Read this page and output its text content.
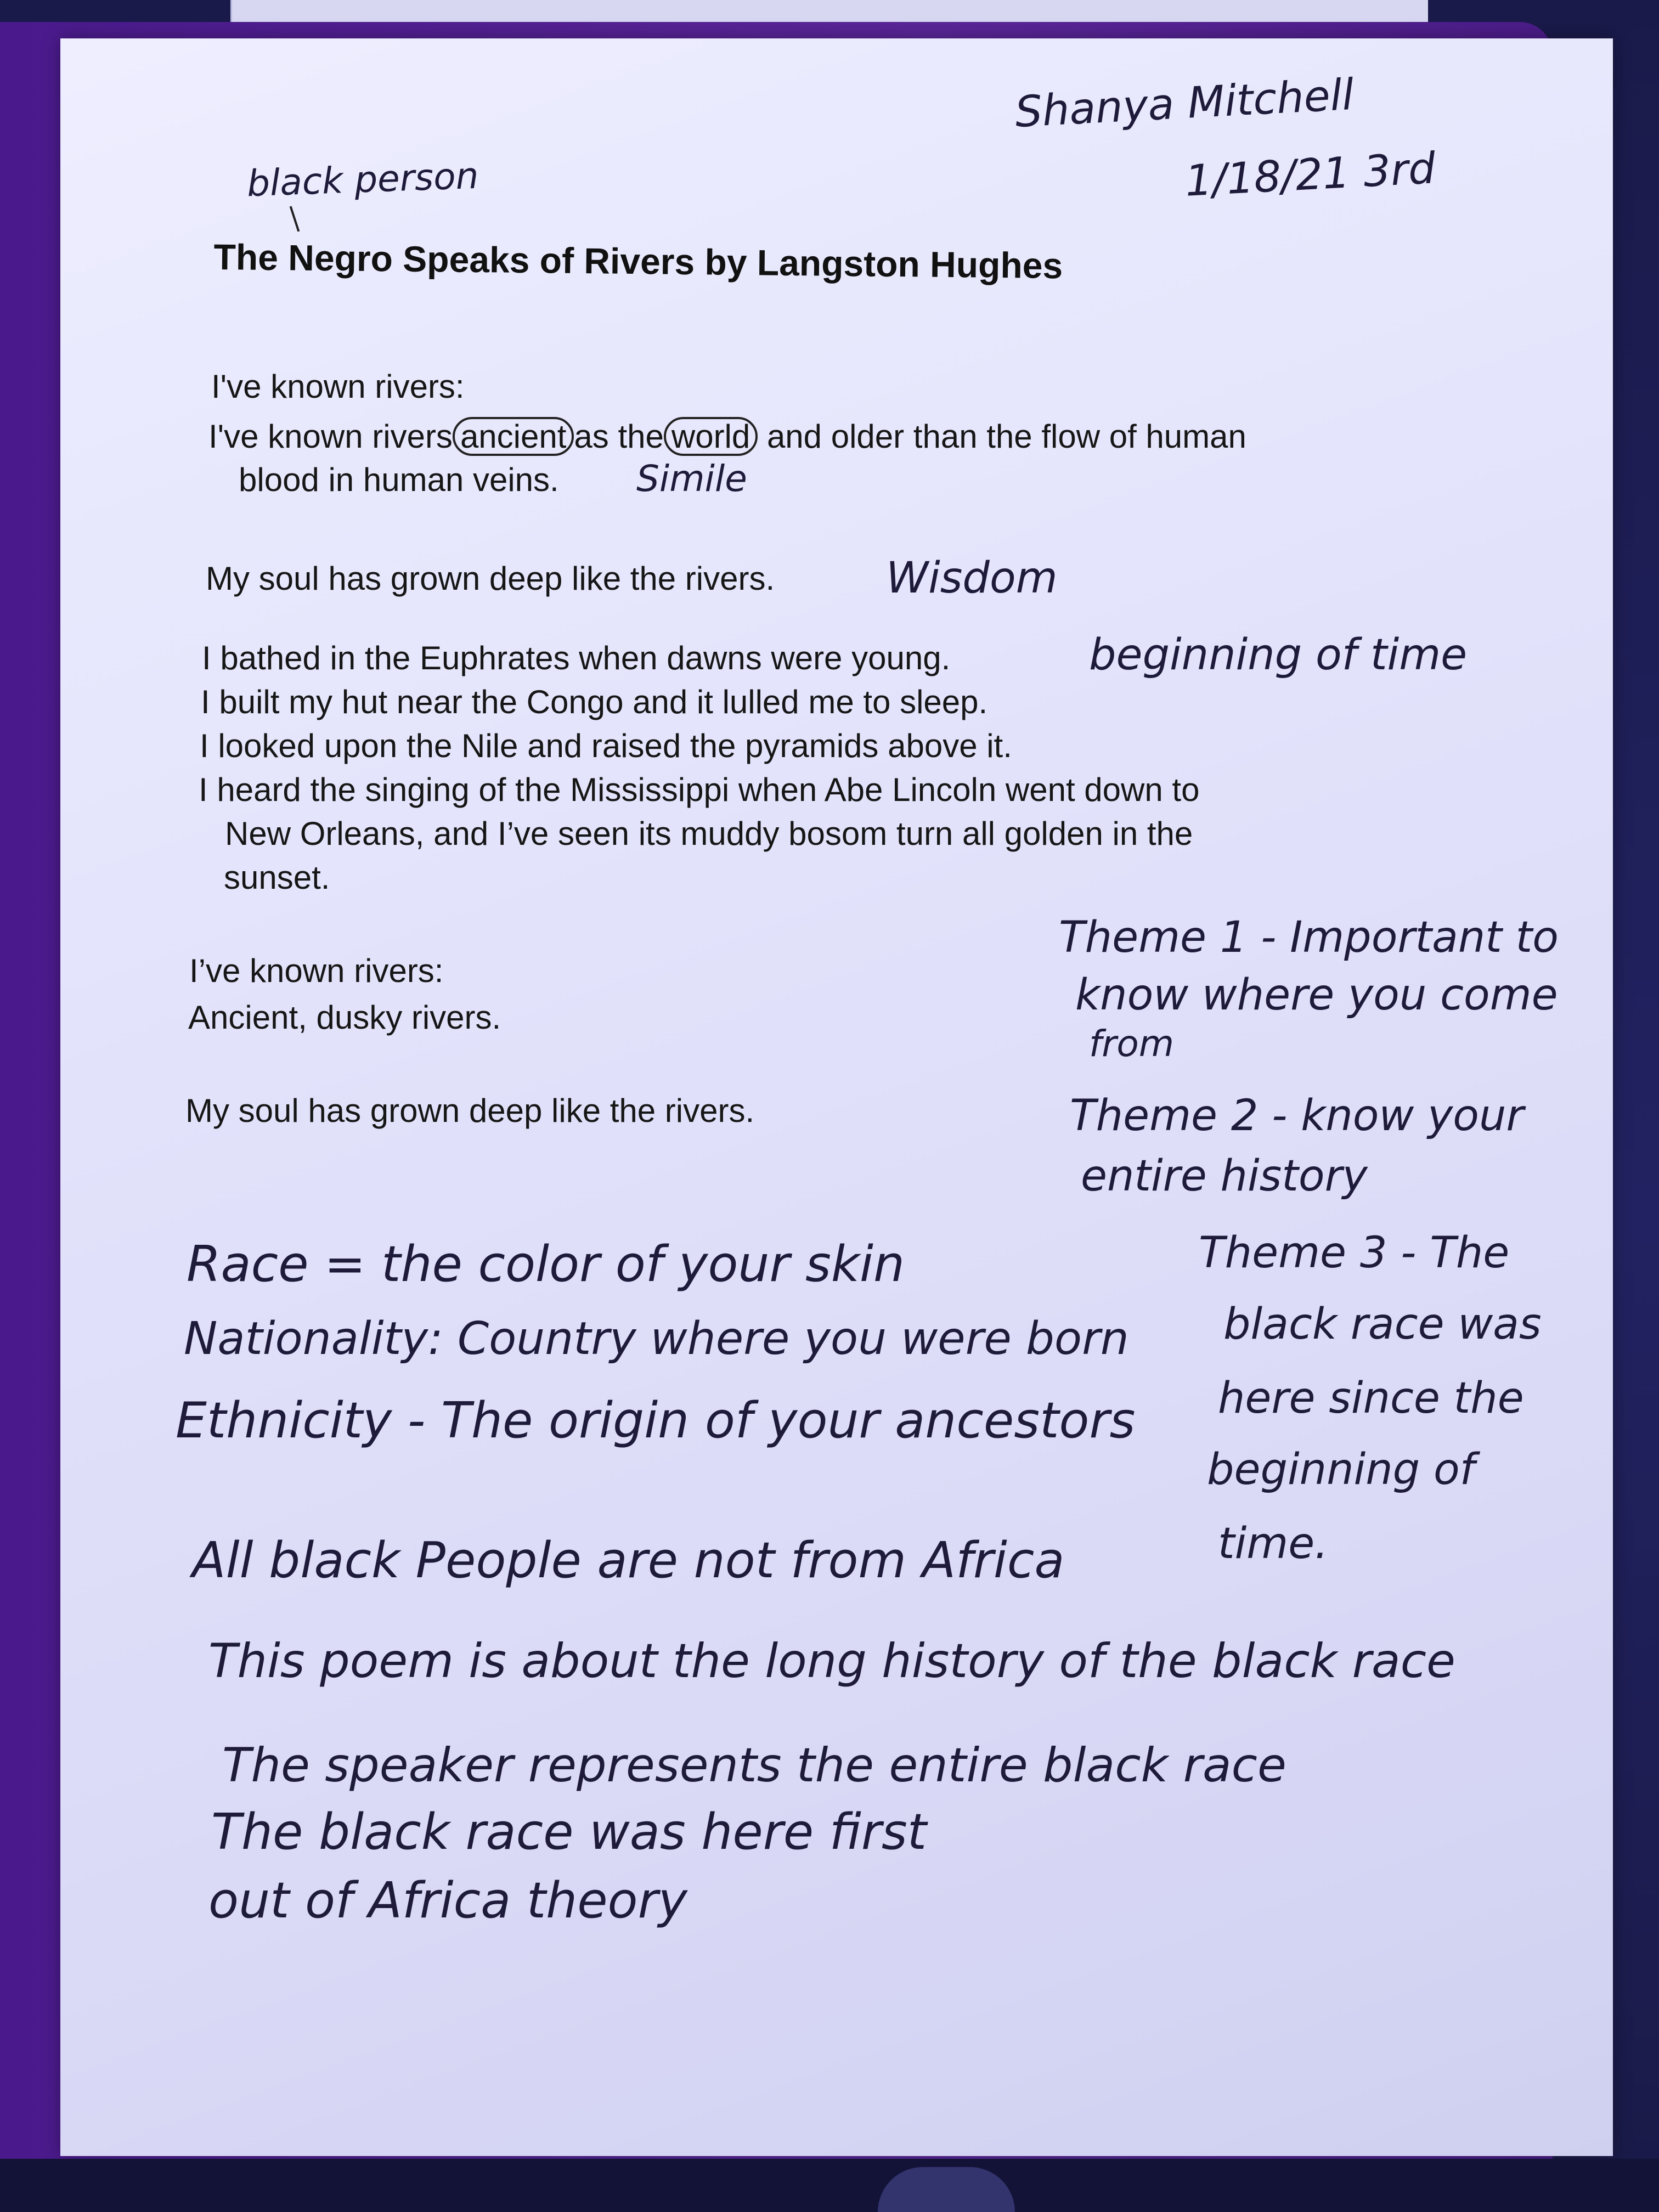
Shanya Mitchell
1/18/21 3rd
black person
The Negro Speaks of Rivers by Langston Hughes
I've known rivers:
I've known rivers ancient as the world and older than the flow of human
blood in human veins.
My soul has grown deep like the rivers.
I bathed in the Euphrates when dawns were young.
I built my hut near the Congo and it lulled me to sleep.
I looked upon the Nile and raised the pyramids above it.
I heard the singing of the Mississippi when Abe Lincoln went down to
New Orleans, and I’ve seen its muddy bosom turn all golden in the
sunset.
I’ve known rivers:
Ancient, dusky rivers.
My soul has grown deep like the rivers.
Simile
Wisdom
beginning of time
Theme 1 - Important to
know where you come
from
Theme 2 - know your
entire history
Theme 3 - The
black race was
here since the
beginning of
time.
Race = the color of your skin
Nationality: Country where you were born
Ethnicity - The origin of your ancestors
All black People are not from Africa
This poem is about the long history of the black race
The speaker represents the entire black race
The black race was here first
out of Africa theory
